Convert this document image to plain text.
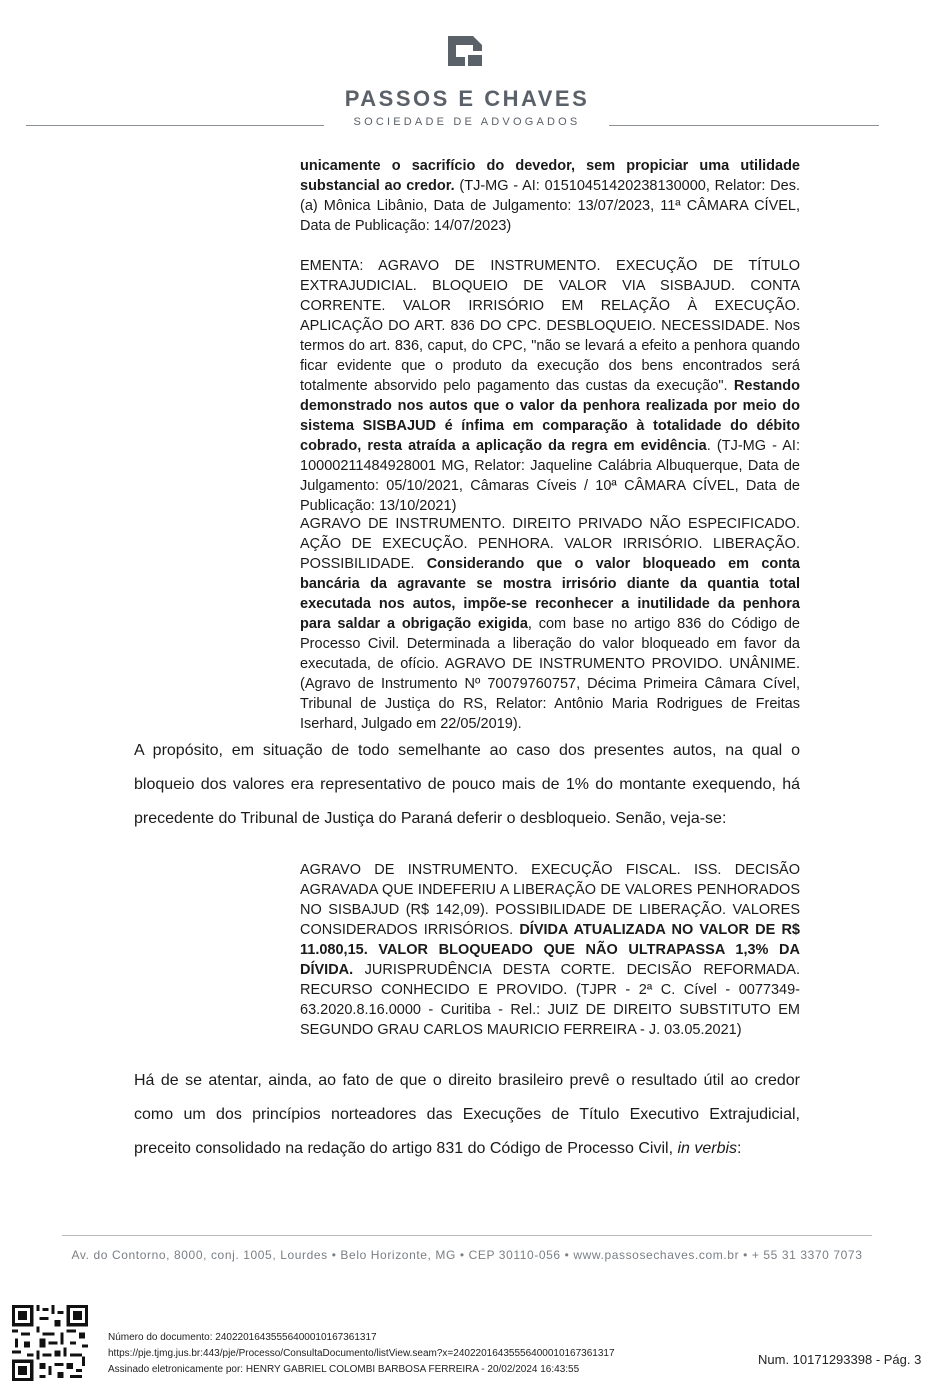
PASSOS E CHAVES
SOCIEDADE DE ADVOGADOS

unicamente o sacrifício do devedor, sem propiciar uma utilidade substancial ao credor. (TJ-MG - AI: 01510451420238130000, Relator: Des.(a) Mônica Libânio, Data de Julgamento: 13/07/2023, 11ª CÂMARA CÍVEL, Data de Publicação: 14/07/2023)

EMENTA: AGRAVO DE INSTRUMENTO. EXECUÇÃO DE TÍTULO EXTRAJUDICIAL. BLOQUEIO DE VALOR VIA SISBAJUD. CONTA CORRENTE. VALOR IRRISÓRIO EM RELAÇÃO À EXECUÇÃO. APLICAÇÃO DO ART. 836 DO CPC. DESBLOQUEIO. NECESSIDADE. Nos termos do art. 836, caput, do CPC, "não se levará a efeito a penhora quando ficar evidente que o produto da execução dos bens encontrados será totalmente absorvido pelo pagamento das custas da execução". Restando demonstrado nos autos que o valor da penhora realizada por meio do sistema SISBAJUD é ínfima em comparação à totalidade do débito cobrado, resta atraída a aplicação da regra em evidência. (TJ-MG - AI: 10000211484928001 MG, Relator: Jaqueline Calábria Albuquerque, Data de Julgamento: 05/10/2021, Câmaras Cíveis / 10ª CÂMARA CÍVEL, Data de Publicação: 13/10/2021)

AGRAVO DE INSTRUMENTO. DIREITO PRIVADO NÃO ESPECIFICADO. AÇÃO DE EXECUÇÃO. PENHORA. VALOR IRRISÓRIO. LIBERAÇÃO. POSSIBILIDADE. Considerando que o valor bloqueado em conta bancária da agravante se mostra irrisório diante da quantia total executada nos autos, impõe-se reconhecer a inutilidade da penhora para saldar a obrigação exigida, com base no artigo 836 do Código de Processo Civil. Determinada a liberação do valor bloqueado em favor da executada, de ofício. AGRAVO DE INSTRUMENTO PROVIDO. UNÂNIME. (Agravo de Instrumento Nº 70079760757, Décima Primeira Câmara Cível, Tribunal de Justiça do RS, Relator: Antônio Maria Rodrigues de Freitas Iserhard, Julgado em 22/05/2019).

A propósito, em situação de todo semelhante ao caso dos presentes autos, na qual o bloqueio dos valores era representativo de pouco mais de 1% do montante exequendo, há precedente do Tribunal de Justiça do Paraná deferir o desbloqueio. Senão, veja-se:

AGRAVO DE INSTRUMENTO. EXECUÇÃO FISCAL. ISS. DECISÃO AGRAVADA QUE INDEFERIU A LIBERAÇÃO DE VALORES PENHORADOS NO SISBAJUD (R$ 142,09). POSSIBILIDADE DE LIBERAÇÃO. VALORES CONSIDERADOS IRRISÓRIOS. DÍVIDA ATUALIZADA NO VALOR DE R$ 11.080,15. VALOR BLOQUEADO QUE NÃO ULTRAPASSA 1,3% DA DÍVIDA. JURISPRUDÊNCIA DESTA CORTE. DECISÃO REFORMADA. RECURSO CONHECIDO E PROVIDO. (TJPR - 2ª C. Cível - 0077349-63.2020.8.16.0000 - Curitiba - Rel.: JUIZ DE DIREITO SUBSTITUTO EM SEGUNDO GRAU CARLOS MAURICIO FERREIRA - J. 03.05.2021)

Há de se atentar, ainda, ao fato de que o direito brasileiro prevê o resultado útil ao credor como um dos princípios norteadores das Execuções de Título Executivo Extrajudicial, preceito consolidado na redação do artigo 831 do Código de Processo Civil, in verbis:

Av. do Contorno, 8000, conj. 1005, Lourdes • Belo Horizonte, MG • CEP 30110-056 • www.passosechaves.com.br • + 55 31 3370 7073
Número do documento: 24022016435556400010167361317
https://pje.tjmg.jus.br:443/pje/Processo/ConsultaDocumento/listView.seam?x=24022016435556400010167361317
Assinado eletronicamente por: HENRY GABRIEL COLOMBI BARBOSA FERREIRA - 20/02/2024 16:43:55
Num. 10171293398 - Pág. 3
